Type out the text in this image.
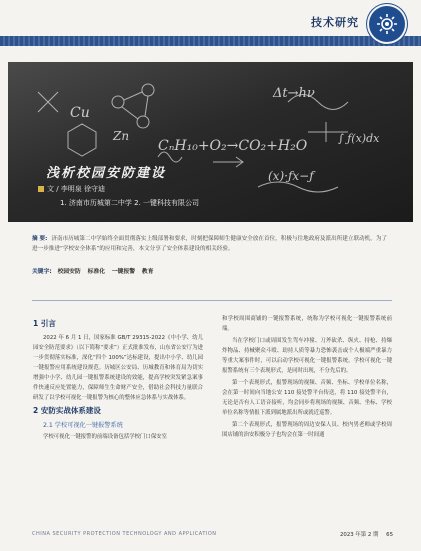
技术研究
Cu
Zn
CₙH₁₀+O₂→CO₂+H₂O
Δt→hν
(x)·ƒx−ƒ
∫ ƒ(x)dx
浅析校园安防建设
文 / 李明泉 徐守迪
1. 济南市历城第二中学 2. 一键科技有限公司
摘 要: 济南市历城第二中学始终全面贯彻落实上级部署和要求，时刻把保障师生健康安全放在首位，积极与往地政府及派出所建立联动机。为了进一步推进“学校安全体系”的应用和完善，本文分享了安全体系建设的相关经验。
关键字: 校园安防 标准化 一键报警 教育
1 引言

2022 年 6 月 1 日，国家标准 GB/T 29315-2022《中小学、幼儿园安全防范要求》（以下简称“要求”）正式批准发布，山东省公安厅为进一步贯彻落实标准，深化“四个 100%”达标建设，提出中小学、幼儿园一键报警应用系统建设规范。历城区公安局、历城教育和体育局为切实增强中小学、幼儿园一键报警系统建设的效能，提高学校突发紧急案事件快速反应处置能力，保障师生生命财产安全，借助社会科技力量联合研发了以学校可视化一键报警为核心的整体应急体系与实战体系。

2 安防实战体系建设
2.1 学校可视化一键报警系统

学校可视化一键报警的前端设备包括学校门口保安室

和学校周围商铺的一键报警系统，统称为学校可视化一键报警系统前端。

当在学校门口或周围发生驾车冲撞、刀斧砍杀、纵火、持枪、持爆炸物品、持械聚众斗殴、劫持人质等暴力恐怖袭击或个人极端严重暴力等重大案事件时，可以启动学校可视化一键报警系统。学校可视化一键报警系统有三个表现形式，是同时出现，不分先后的。

第一个表现形式，报警现场的视频、音频、坐标、学校单位名称，会在第一时间向当地公安 110 接处警平台传送，将 110 接处警平台，无论是否有人工语音接听，均会同步将现场的视频、音频、坐标、学校单位名称等情报下派到属地派出所或就近巡警。

第二个表现形式，报警现场的周边安保人员、校内男老师或学校周围店铺的治安积极分子也均会在第一时间通

CHINA SECURITY PROTECTION TECHNOLOGY AND APPLICATION	2023 年第 2 期 65
